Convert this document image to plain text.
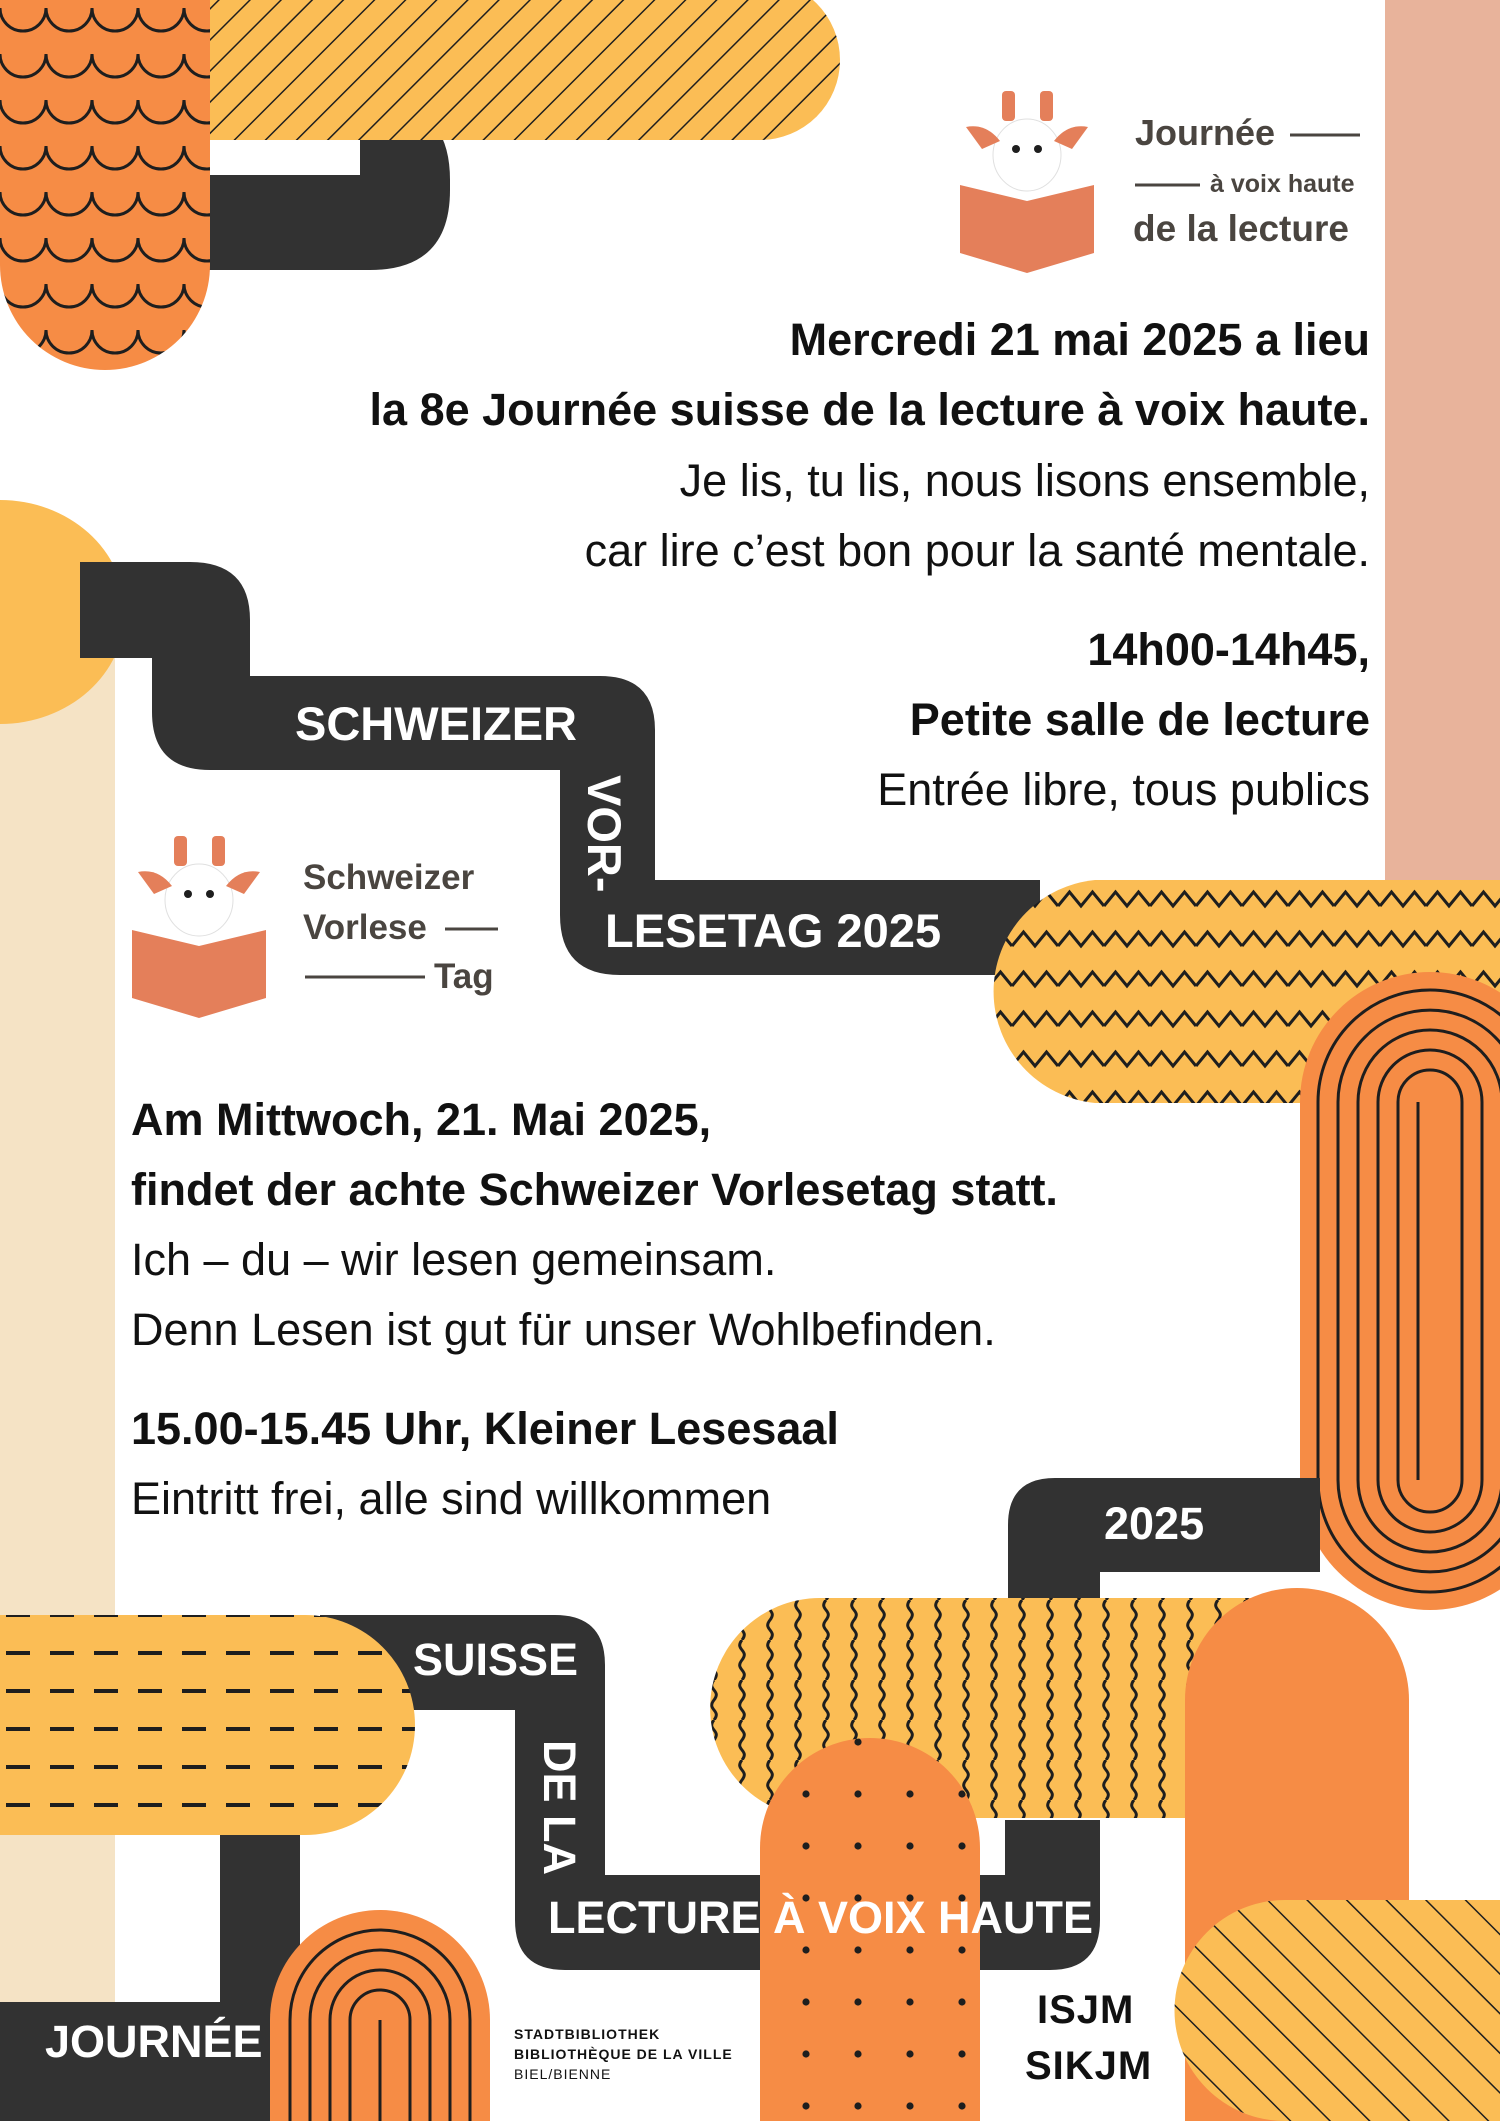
Journée

à voix haute

de la lecture

Schweizer

Vorlese

Tag

Mercredi 21 mai 2025 a lieu

la 8e Journée suisse de la lecture à voix haute.

Je lis, tu lis, nous lisons ensemble,

car lire c’est bon pour la santé mentale.

14h00-14h45,

Petite salle de lecture

Entrée libre, tous publics

SCHWEIZER

VOR-

LESETAG 2025

Am Mittwoch, 21. Mai 2025,

findet der achte Schweizer Vorlesetag statt.

Ich – du – wir lesen gemeinsam.

Denn Lesen ist gut für unser Wohlbefinden.

15.00-15.45 Uhr, Kleiner Lesesaal

Eintritt frei, alle sind willkommen	2025

SUISSE

DE LA

LECTURE À VOIX HAUTE

JOURNÉE	STADTBIBLIOTHEK

BIBLIOTHÈQUE DE LA VILLE

BIEL/BIENNE

ISJM

SIKJM
